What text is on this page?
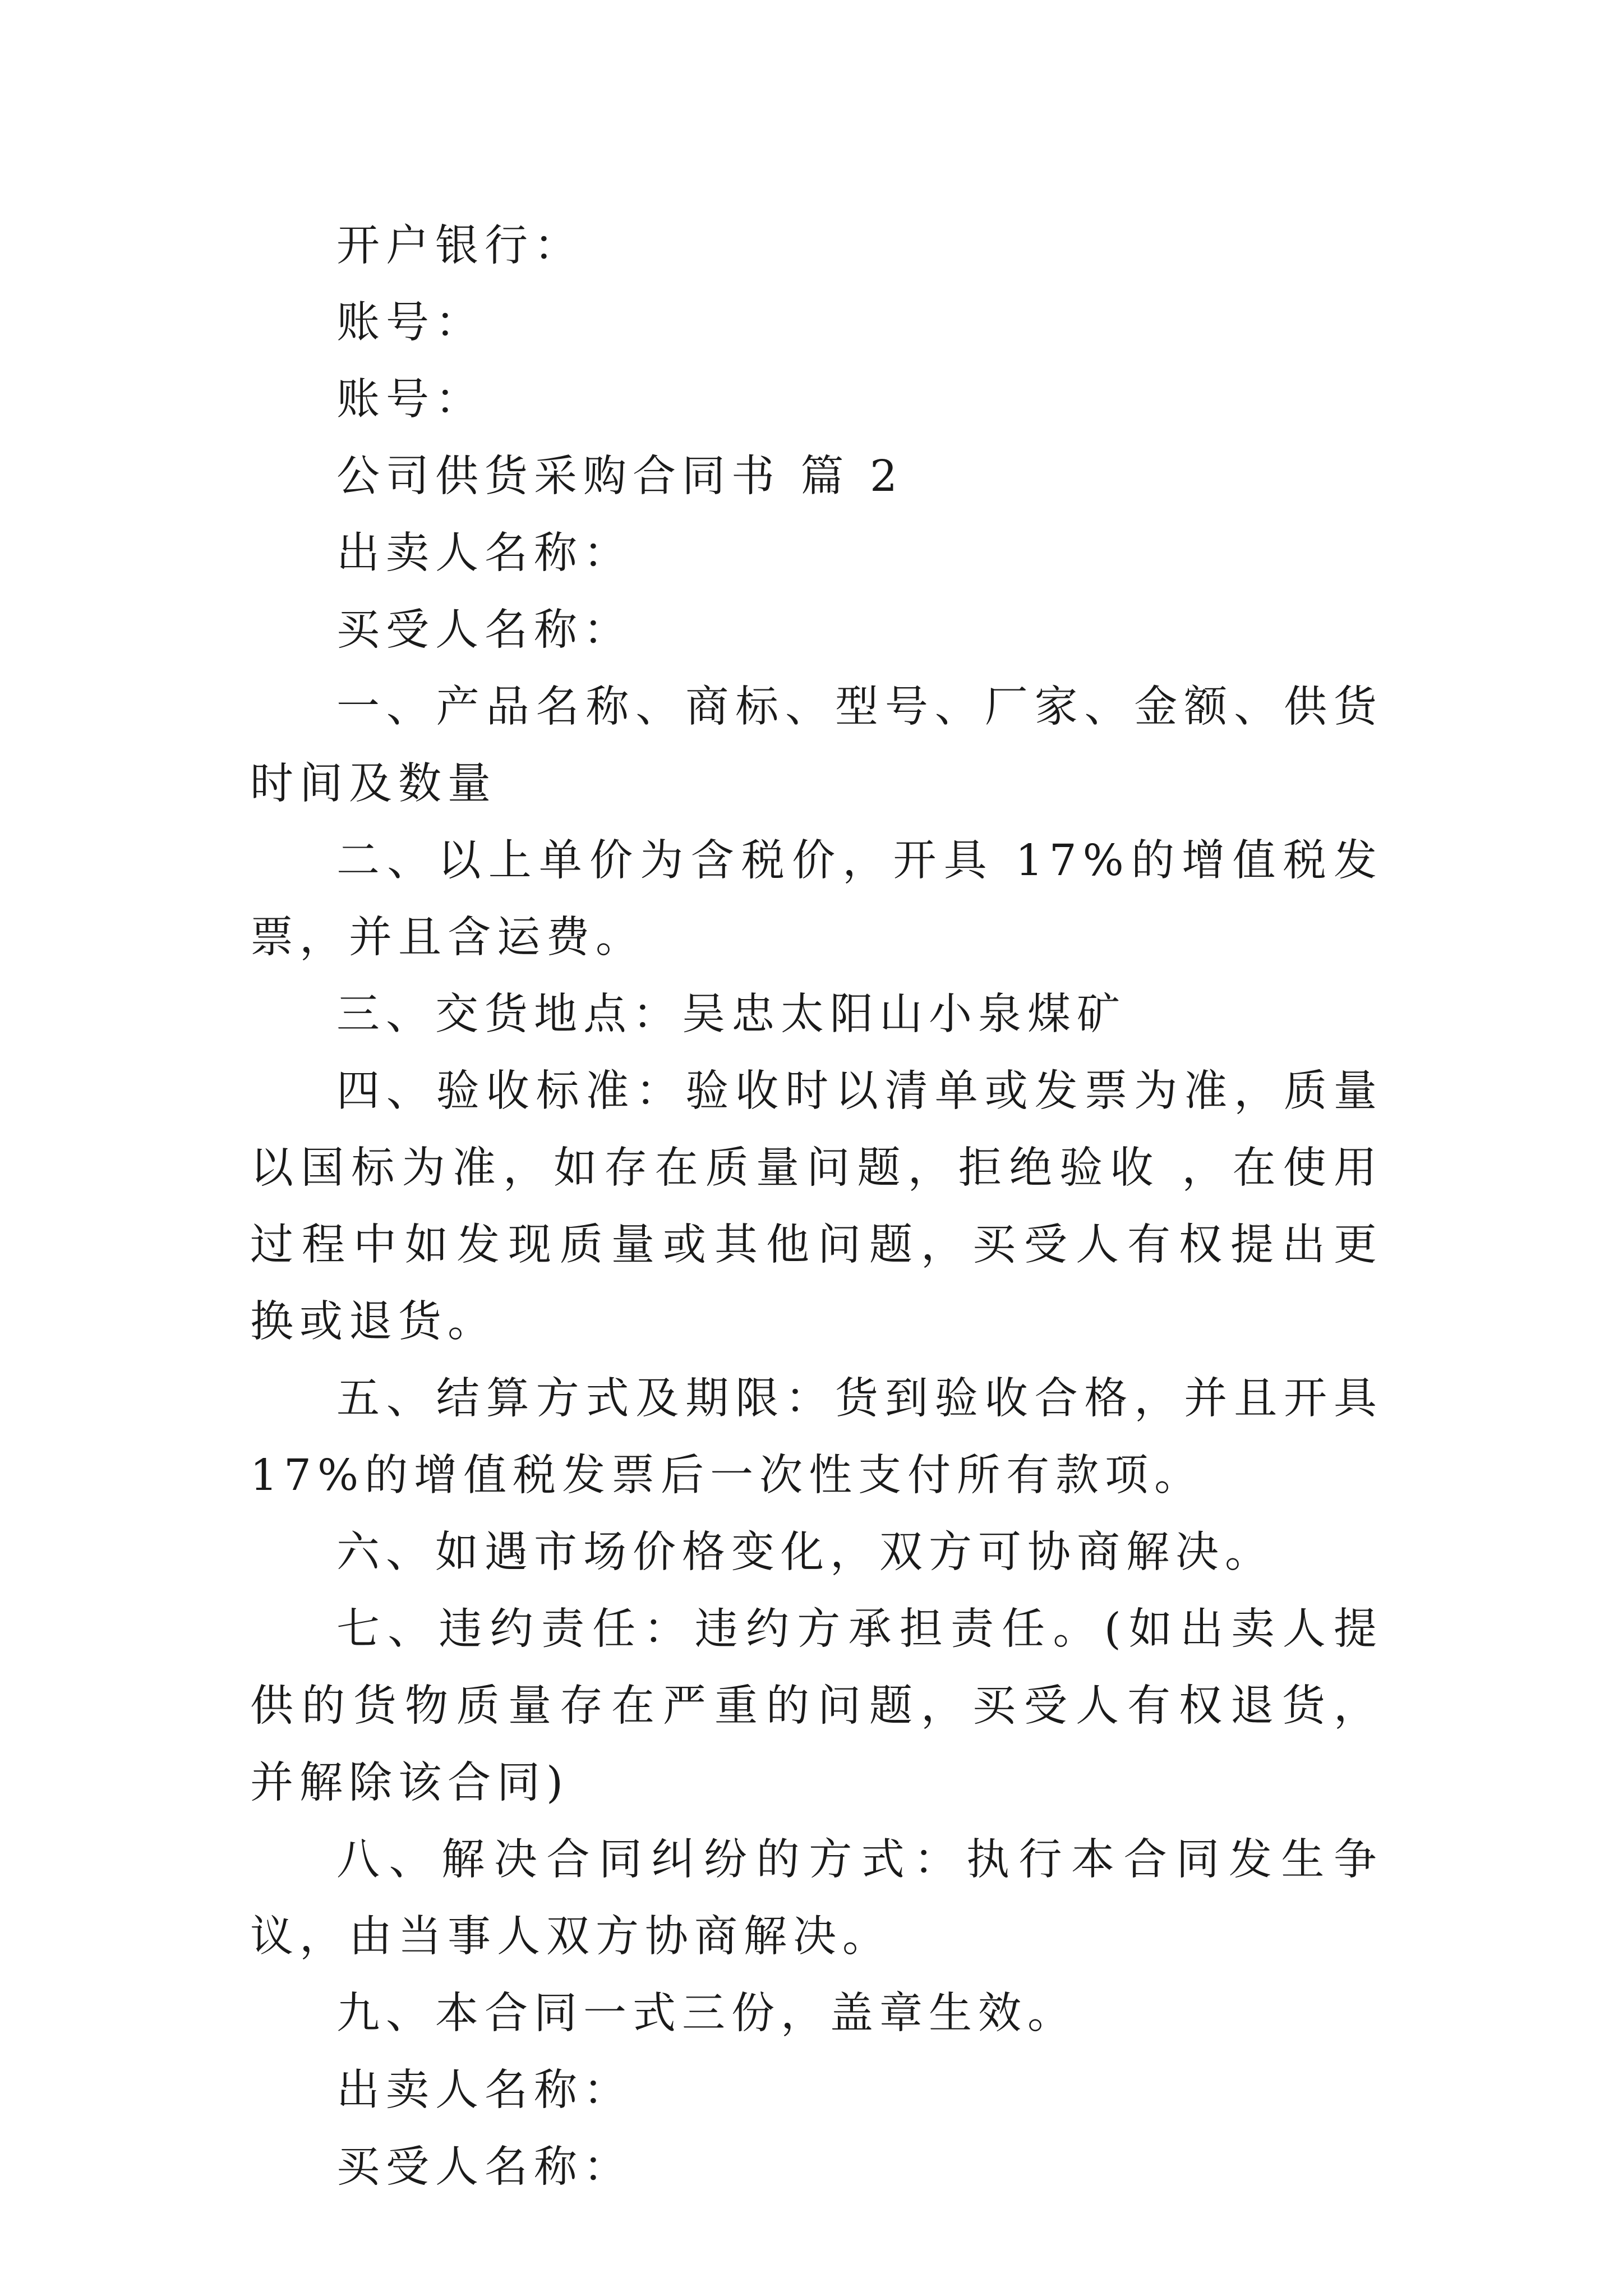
开户银行：

账号：

账号：

公司供货采购合同书 篇 2

出卖人名称：

买受人名称：

一、产品名称、商标、型号、厂家、金额、供货时间及数量

二、以上单价为含税价，开具 17%的增值税发票，并且含运费。

三、交货地点：吴忠太阳山小泉煤矿

四、验收标准：验收时以清单或发票为准，质量以国标为准，如存在质量问题，拒绝验收 ，在使用过程中如发现质量或其他问题，买受人有权提出更换或退货。

五、结算方式及期限：货到验收合格，并且开具 17%的增值税发票后一次性支付所有款项。

六、如遇市场价格变化，双方可协商解决。

七、违约责任：违约方承担责任。(如出卖人提供的货物质量存在严重的问题，买受人有权退货，并解除该合同)

八、解决合同纠纷的方式：执行本合同发生争议，由当事人双方协商解决。

九、本合同一式三份，盖章生效。

出卖人名称：

买受人名称：
